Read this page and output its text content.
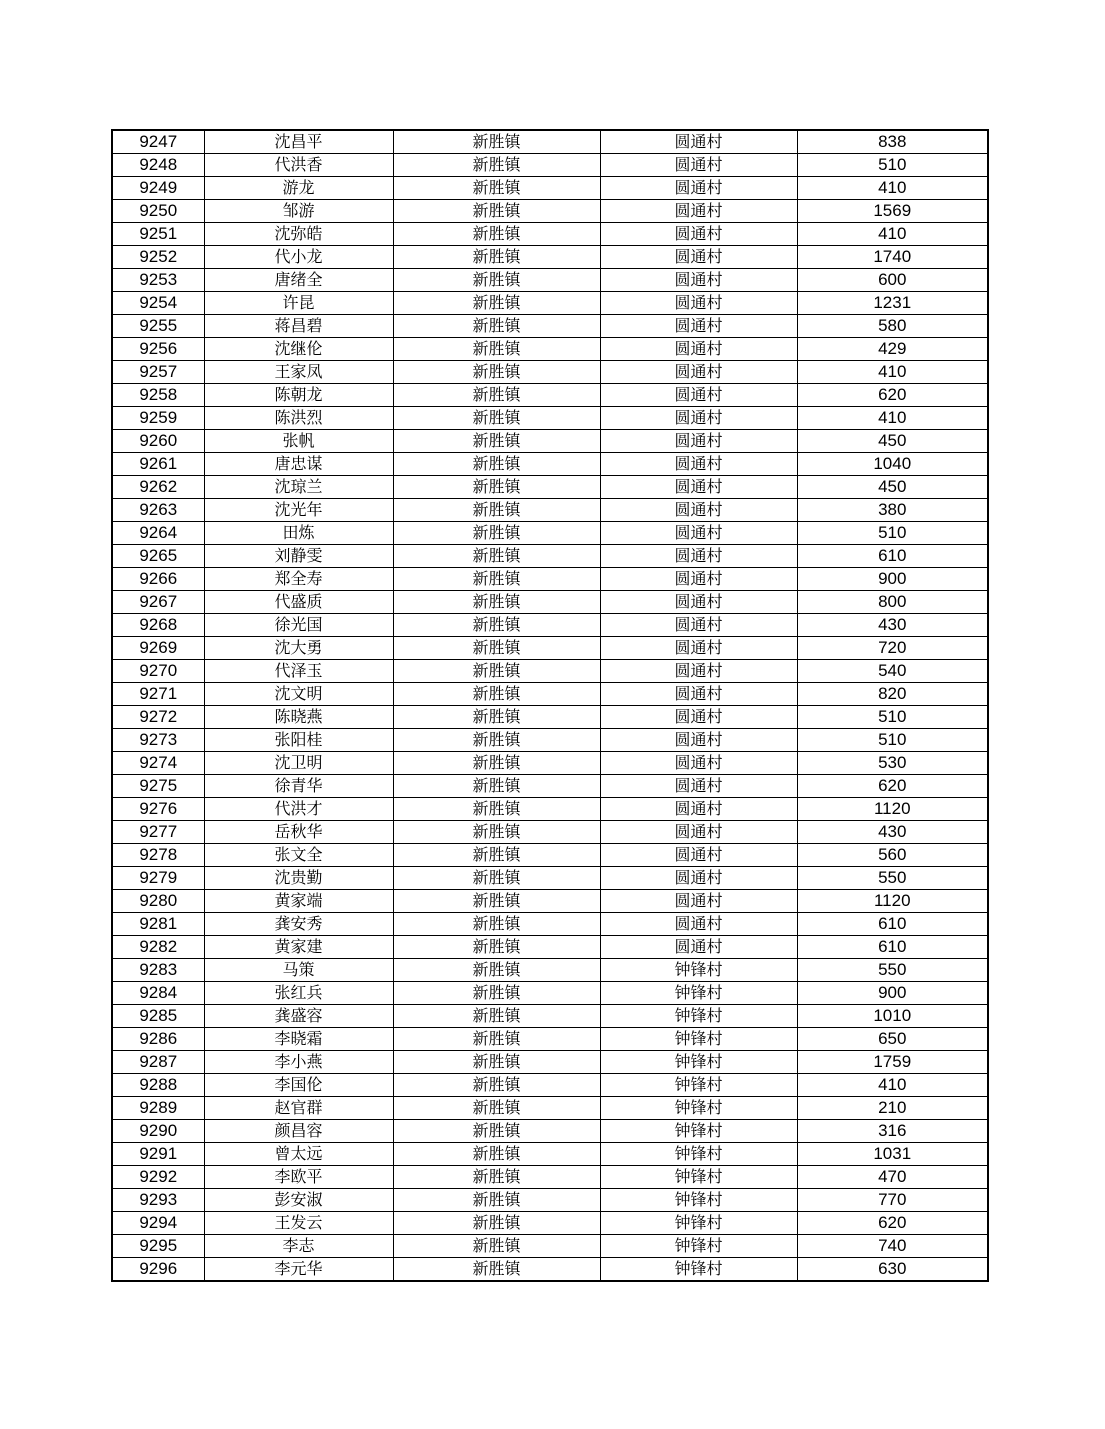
9247	沈昌平	新胜镇	圆通村	838
9248	代洪香	新胜镇	圆通村	510
9249	游龙	新胜镇	圆通村	410
9250	邹游	新胜镇	圆通村	1569
9251	沈弥皓	新胜镇	圆通村	410
9252	代小龙	新胜镇	圆通村	1740
9253	唐绪全	新胜镇	圆通村	600
9254	许昆	新胜镇	圆通村	1231
9255	蒋昌碧	新胜镇	圆通村	580
9256	沈继伦	新胜镇	圆通村	429
9257	王家凤	新胜镇	圆通村	410
9258	陈朝龙	新胜镇	圆通村	620
9259	陈洪烈	新胜镇	圆通村	410
9260	张帆	新胜镇	圆通村	450
9261	唐忠谋	新胜镇	圆通村	1040
9262	沈琼兰	新胜镇	圆通村	450
9263	沈光年	新胜镇	圆通村	380
9264	田炼	新胜镇	圆通村	510
9265	刘静雯	新胜镇	圆通村	610
9266	郑全寿	新胜镇	圆通村	900
9267	代盛质	新胜镇	圆通村	800
9268	徐光国	新胜镇	圆通村	430
9269	沈大勇	新胜镇	圆通村	720
9270	代泽玉	新胜镇	圆通村	540
9271	沈文明	新胜镇	圆通村	820
9272	陈晓燕	新胜镇	圆通村	510
9273	张阳桂	新胜镇	圆通村	510
9274	沈卫明	新胜镇	圆通村	530
9275	徐青华	新胜镇	圆通村	620
9276	代洪才	新胜镇	圆通村	1120
9277	岳秋华	新胜镇	圆通村	430
9278	张文全	新胜镇	圆通村	560
9279	沈贵勤	新胜镇	圆通村	550
9280	黄家端	新胜镇	圆通村	1120
9281	龚安秀	新胜镇	圆通村	610
9282	黄家建	新胜镇	圆通村	610
9283	马策	新胜镇	钟锋村	550
9284	张红兵	新胜镇	钟锋村	900
9285	龚盛容	新胜镇	钟锋村	1010
9286	李晓霜	新胜镇	钟锋村	650
9287	李小燕	新胜镇	钟锋村	1759
9288	李国伦	新胜镇	钟锋村	410
9289	赵官群	新胜镇	钟锋村	210
9290	颜昌容	新胜镇	钟锋村	316
9291	曾太远	新胜镇	钟锋村	1031
9292	李欧平	新胜镇	钟锋村	470
9293	彭安淑	新胜镇	钟锋村	770
9294	王发云	新胜镇	钟锋村	620
9295	李志	新胜镇	钟锋村	740
9296	李元华	新胜镇	钟锋村	630
